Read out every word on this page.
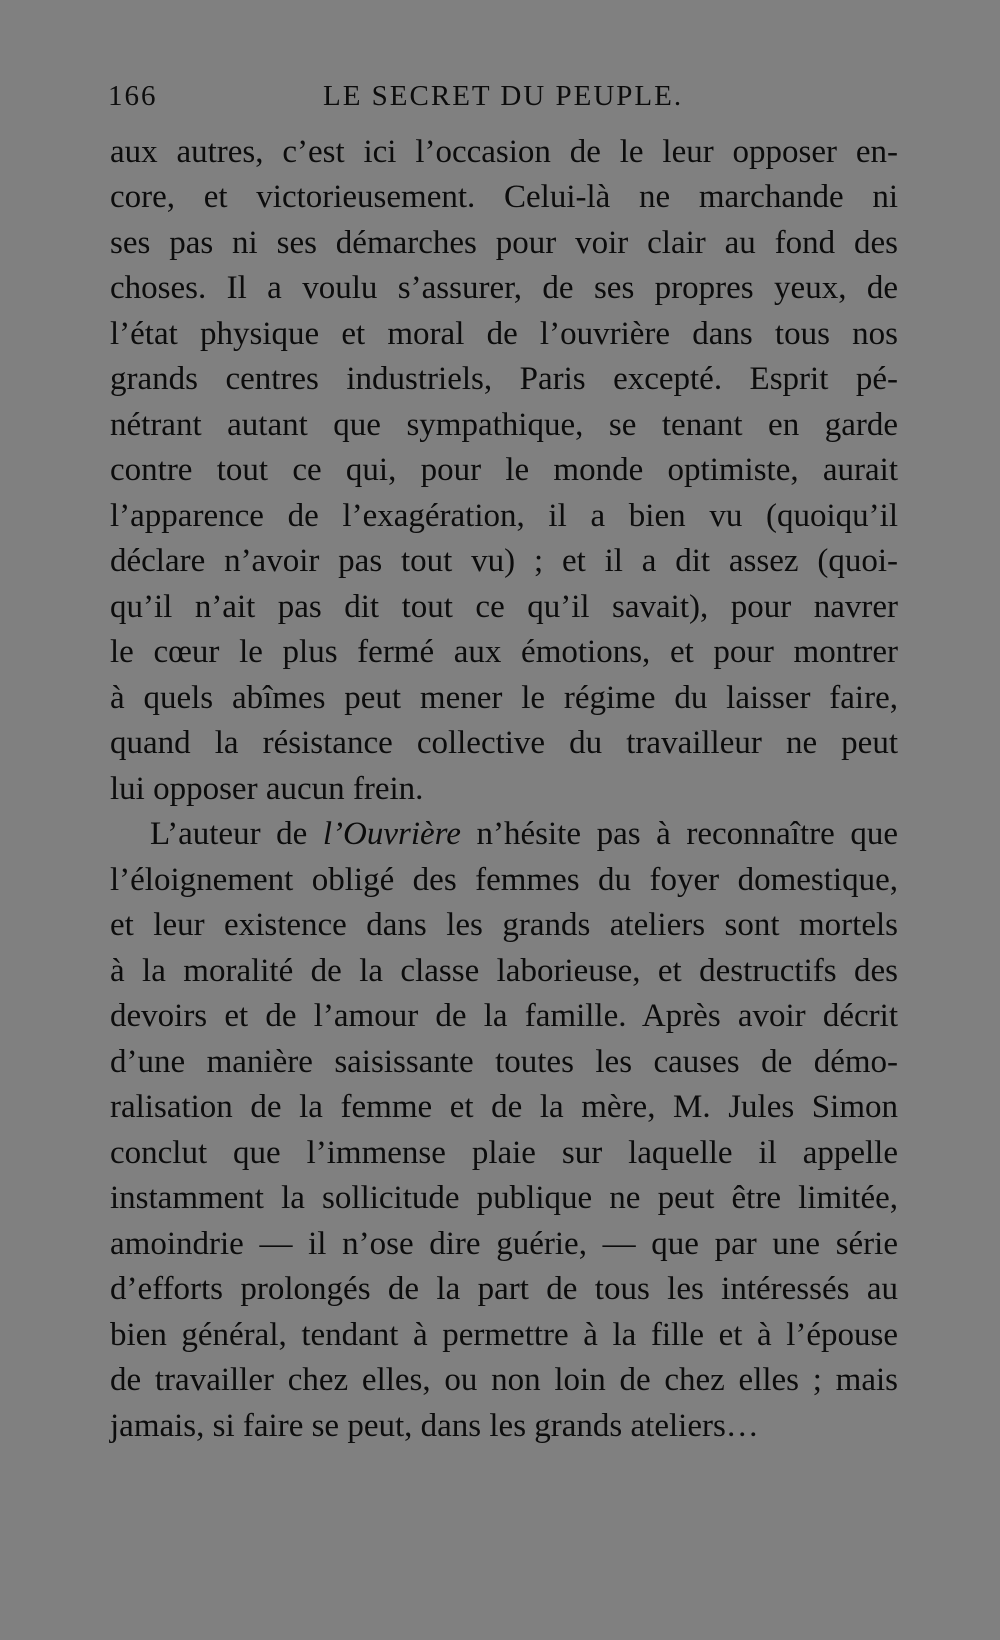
166	LE SECRET DU PEUPLE.
aux autres, c’est ici l’occasion de le leur opposer en-
core, et victorieusement. Celui-là ne marchande ni
ses pas ni ses démarches pour voir clair au fond des
choses. Il a voulu s’assurer, de ses propres yeux, de
l’état physique et moral de l’ouvrière dans tous nos
grands centres industriels, Paris excepté. Esprit pé-
nétrant autant que sympathique, se tenant en garde
contre tout ce qui, pour le monde optimiste, aurait
l’apparence de l’exagération, il a bien vu (quoiqu’il
déclare n’avoir pas tout vu) ; et il a dit assez (quoi-
qu’il n’ait pas dit tout ce qu’il savait), pour navrer
le cœur le plus fermé aux émotions, et pour montrer
à quels abîmes peut mener le régime du laisser faire,
quand la résistance collective du travailleur ne peut
lui opposer aucun frein.
L’auteur de l’Ouvrière n’hésite pas à reconnaître que
l’éloignement obligé des femmes du foyer domestique,
et leur existence dans les grands ateliers sont mortels
à la moralité de la classe laborieuse, et destructifs des
devoirs et de l’amour de la famille. Après avoir décrit
d’une manière saisissante toutes les causes de démo-
ralisation de la femme et de la mère, M. Jules Simon
conclut que l’immense plaie sur laquelle il appelle
instamment la sollicitude publique ne peut être limitée,
amoindrie — il n’ose dire guérie, — que par une série
d’efforts prolongés de la part de tous les intéressés au
bien général, tendant à permettre à la fille et à l’épouse
de travailler chez elles, ou non loin de chez elles ; mais
jamais, si faire se peut, dans les grands ateliers…
